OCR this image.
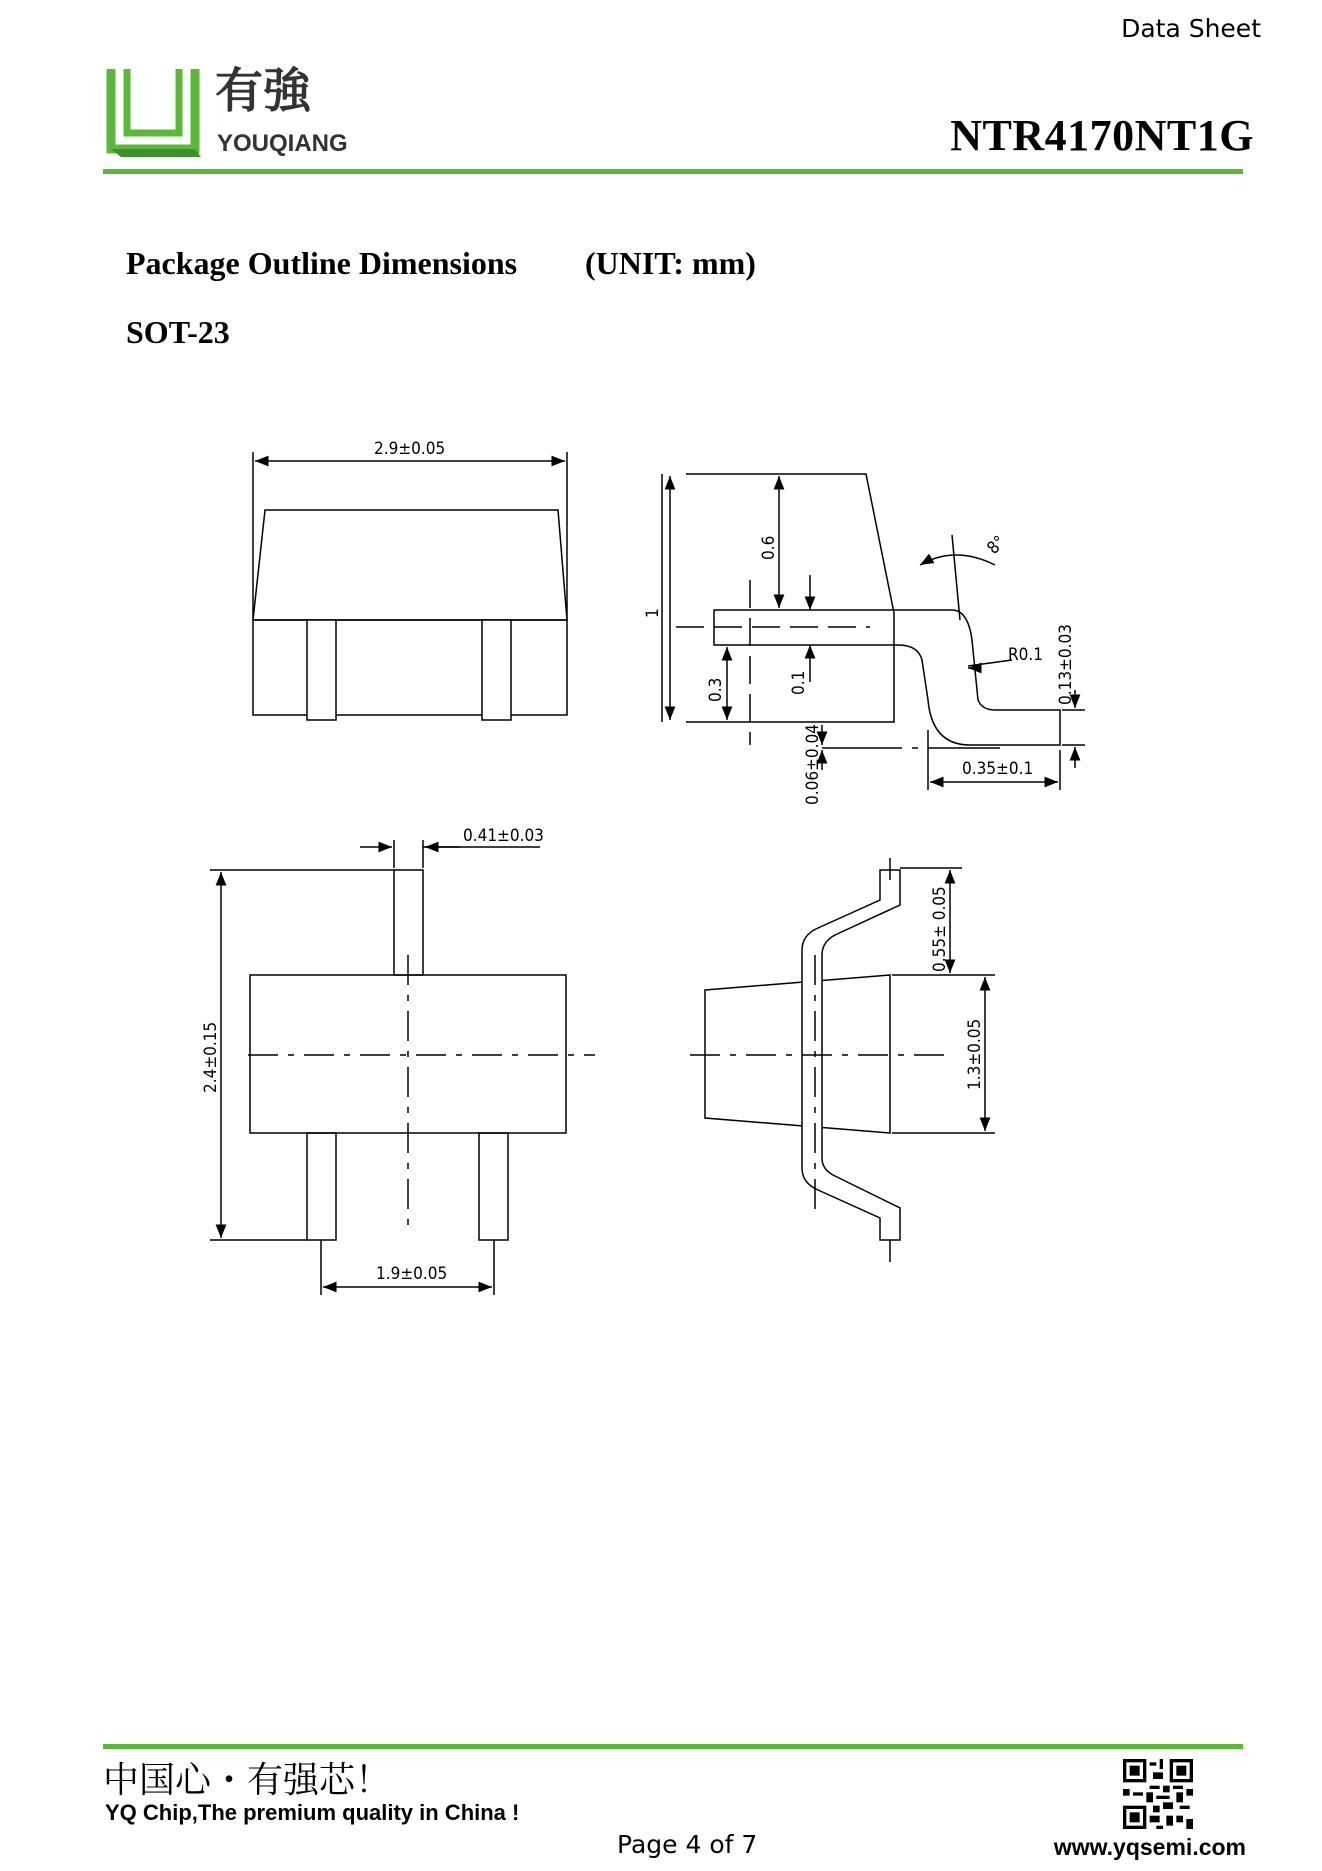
Data Sheet
有強
YOUQIANG	NTR4170NT1G
Package Outline Dimensions (UNIT: mm)
SOT-23
2.9±0.05
1
0.6
0.3	0.1
8°
R0.1 0.13±0.03
0.06±0.04	0.35±0.1
0.41±0.03
2.4±0.15
1.9±0.05
0.55± 0.05
1.3±0.05
中国心・有强芯！
YQ Chip,The premium quality in China !
Page 4 of 7	www.yqsemi.com
